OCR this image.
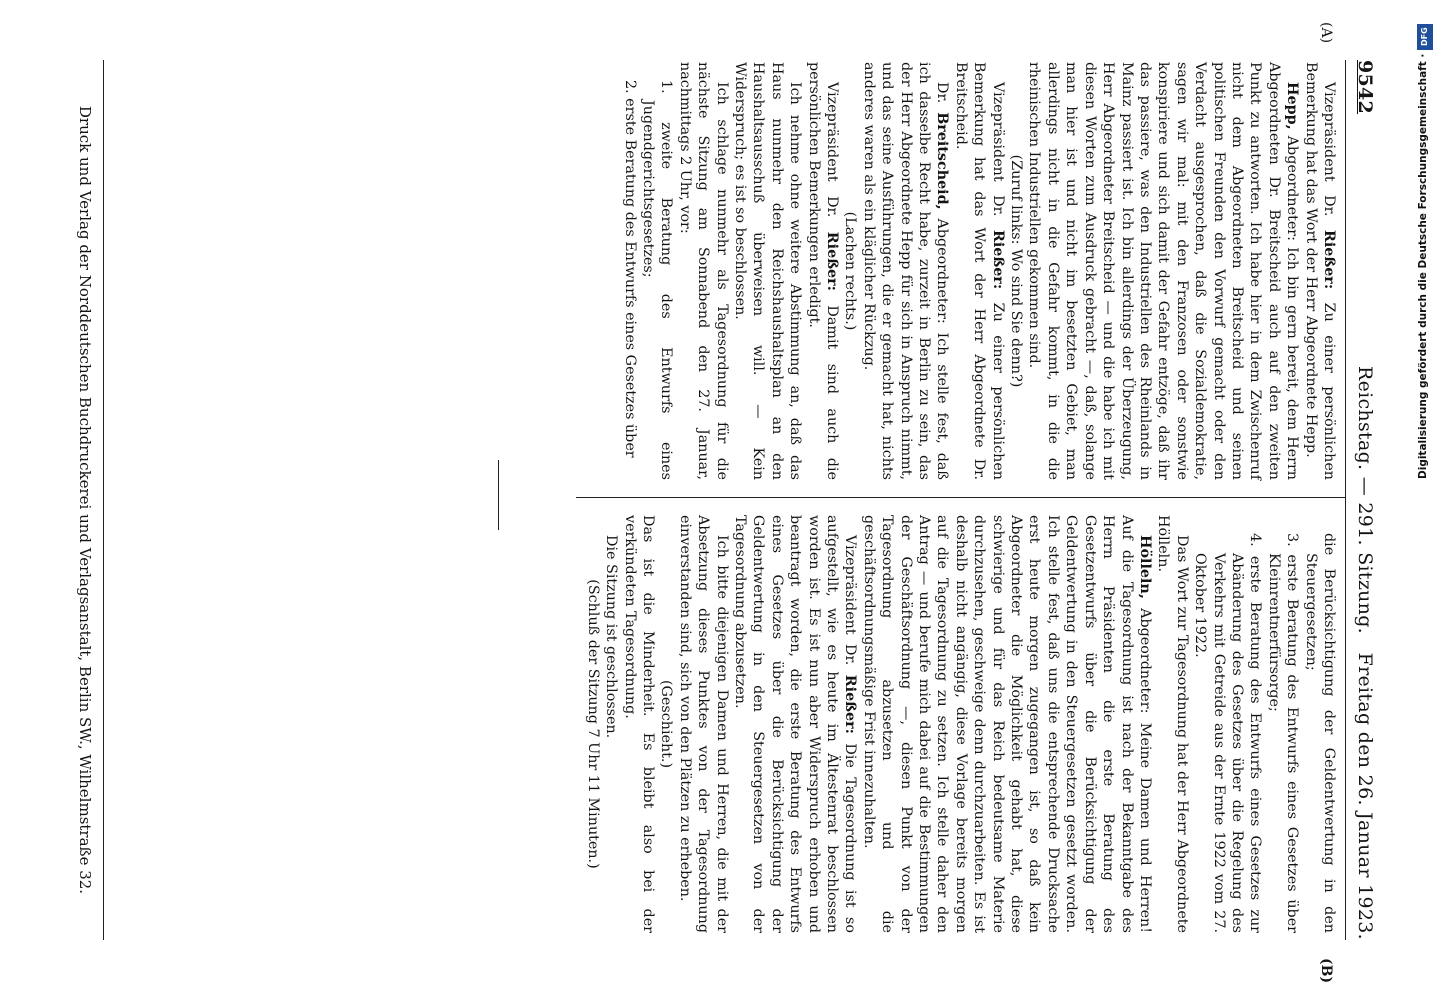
9542
Reichstag. — 291. Sitzung.
Freitag den 26. Januar 1923.
(A)
(B)

Vizepräsident Dr. Rießer: Zu einer persönlichen Bemerkung hat das Wort der Herr Abgeordnete Hepp.

Hepp, Abgeordneter: Ich bin gern bereit, dem Herrn Abgeordneten Dr. Breitscheid auch auf den zweiten Punkt zu antworten. Ich habe hier in dem Zwischenruf nicht dem Abgeordneten Breitscheid und seinen politischen Freunden den Vorwurf gemacht oder den Verdacht ausgesprochen, daß die Sozialdemokratie, sagen wir mal: mit den Franzosen oder sonstwie konspiriere und sich damit der Gefahr entzöge, daß ihr das passiere, was den Industriellen des Rheinlands in Mainz passiert ist. Ich bin allerdings der Überzeugung, Herr Abgeordneter Breitscheid — und die habe ich mit diesen Worten zum Ausdruck gebracht —, daß, solange man hier ist und nicht im besetzten Gebiet, man allerdings nicht in die Gefahr kommt, in die die rheinischen Industriellen gekommen sind.

(Zuruf links: Wo sind Sie denn?)

Vizepräsident Dr. Rießer: Zu einer persönlichen Bemerkung hat das Wort der Herr Abgeordnete Dr. Breitscheid.

Dr. Breitscheid, Abgeordneter: Ich stelle fest, daß ich dasselbe Recht habe, zurzeit in Berlin zu sein, das der Herr Abgeordnete Hepp für sich in Anspruch nimmt, und das seine Ausführungen, die er gemacht hat, nichts anderes waren als ein kläglicher Rückzug.

(Lachen rechts.)

Vizepräsident Dr. Rießer: Damit sind auch die persönlichen Bemerkungen erledigt.

Ich nehme ohne weitere Abstimmung an, daß das Haus nunmehr den Reichshaushaltsplan an den Haushaltsausschuß überweisen will. — Kein Widerspruch; es ist so beschlossen.

Ich schlage nunmehr als Tagesordnung für die nächste Sitzung am Sonnabend den 27. Januar, nachmittags 2 Uhr, vor:

1. zweite Beratung des Entwurfs eines Jugendgerichtsgesetzes;

2. erste Beratung des Entwurfs eines Gesetzes über

die Berücksichtigung der Geldentwertung in den Steuergesetzen;

3. erste Beratung des Entwurfs eines Gesetzes über Kleinrentnerfürsorge;

4. erste Beratung des Entwurfs eines Gesetzes zur Abänderung des Gesetzes über die Regelung des Verkehrs mit Getreide aus der Ernte 1922 vom 27. Oktober 1922.

Das Wort zur Tagesordnung hat der Herr Abgeordnete Hölleln.

Hölleln, Abgeordneter: Meine Damen und Herren! Auf die Tagesordnung ist nach der Bekanntgabe des Herrn Präsidenten die erste Beratung des Gesetzentwurfs über die Berücksichtigung der Geldentwertung in den Steuergesetzen gesetzt worden. Ich stelle fest, daß uns die entsprechende Drucksache erst heute morgen zugegangen ist, so daß kein Abgeordneter die Möglichkeit gehabt hat, diese schwierige und für das Reich bedeutsame Materie durchzusehen, geschweige denn durchzuarbeiten. Es ist deshalb nicht angängig, diese Vorlage bereits morgen auf die Tagesordnung zu setzen. Ich stelle daher den Antrag — und berufe mich dabei auf die Bestimmungen der Geschäftsordnung —, diesen Punkt von der Tagesordnung abzusetzen und die geschäftsordnungsmäßige Frist innezuhalten.

Vizepräsident Dr. Rießer: Die Tagesordnung ist so aufgestellt, wie es heute im Ältestenrat beschlossen worden ist. Es ist nun aber Widerspruch erhoben und beantragt worden, die erste Beratung des Entwurfs eines Gesetzes über die Berücksichtigung der Geldentwertung in den Steuergesetzen von der Tagesordnung abzusetzen.

Ich bitte diejenigen Damen und Herren, die mit der Absetzung dieses Punktes von der Tagesordnung einverstanden sind, sich von den Plätzen zu erheben.

(Geschieht.)

Das ist die Minderheit. Es bleibt also bei der verkündeten Tagesordnung.

Die Sitzung ist geschlossen.

(Schluß der Sitzung 7 Uhr 11 Minuten.)

Druck und Verlag der Norddeutschen Buchdruckerei und Verlagsanstalt, Berlin SW., Wilhelmstraße 32.
DFG
Digitalisierung gefördert durch die Deutsche Forschungsgemeinschaft ·
